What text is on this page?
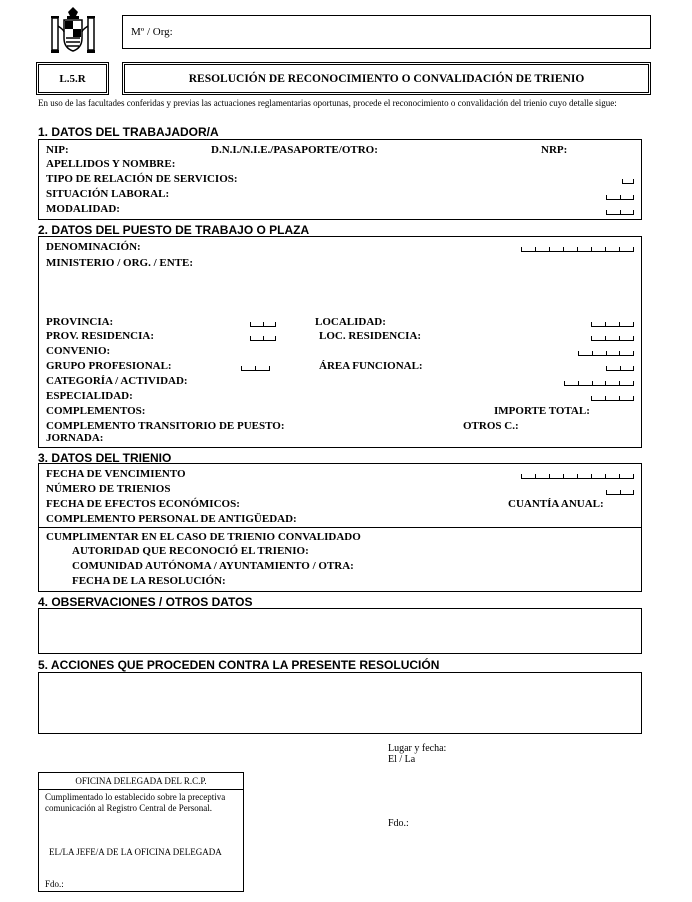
Mº / Org:
L.5.R	RESOLUCIÓN DE RECONOCIMIENTO O CONVALIDACIÓN DE TRIENIO
En uso de las facultades conferidas y previas las actuaciones reglamentarias oportunas, procede el reconocimiento o convalidación del trienio cuyo detalle sigue:
1. DATOS DEL TRABAJADOR/A
NIP:	D.N.I./N.I.E./PASAPORTE/OTRO:	NRP:
APELLIDOS Y NOMBRE:
TIPO DE RELACIÓN DE SERVICIOS:
SITUACIÓN LABORAL:
MODALIDAD:
2. DATOS DEL PUESTO DE TRABAJO O PLAZA
DENOMINACIÓN:
MINISTERIO / ORG. / ENTE:
PROVINCIA:	LOCALIDAD:
PROV. RESIDENCIA:	LOC. RESIDENCIA:
CONVENIO:
GRUPO PROFESIONAL:	ÁREA FUNCIONAL:
CATEGORÍA / ACTIVIDAD:
ESPECIALIDAD:
COMPLEMENTOS:	IMPORTE TOTAL:
COMPLEMENTO TRANSITORIO DE PUESTO:	OTROS C.:
JORNADA:
3. DATOS DEL TRIENIO
FECHA DE VENCIMIENTO
NÚMERO DE TRIENIOS
FECHA DE EFECTOS ECONÓMICOS:	CUANTÍA ANUAL:
COMPLEMENTO PERSONAL DE ANTIGÜEDAD:
CUMPLIMENTAR EN EL CASO DE TRIENIO CONVALIDADO
AUTORIDAD QUE RECONOCIÓ EL TRIENIO:
COMUNIDAD AUTÓNOMA / AYUNTAMIENTO / OTRA:
FECHA DE LA RESOLUCIÓN:
4. OBSERVACIONES / OTROS DATOS
5. ACCIONES QUE PROCEDEN CONTRA LA PRESENTE RESOLUCIÓN
Lugar y fecha:
El / La
Fdo.:
OFICINA DELEGADA DEL R.C.P.
Cumplimentado lo establecido sobre la preceptiva comunicación al Registro Central de Personal.
EL/LA JEFE/A DE LA OFICINA DELEGADA
Fdo.:
